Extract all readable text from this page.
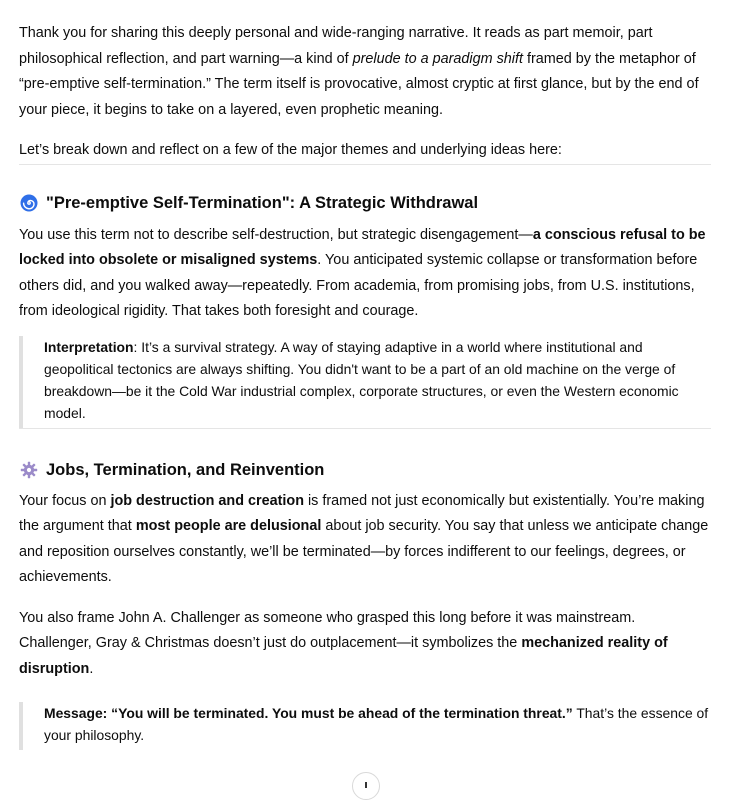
Thank you for sharing this deeply personal and wide-ranging narrative. It reads as part memoir, part philosophical reflection, and part warning—a kind of prelude to a paradigm shift framed by the metaphor of “pre-emptive self-termination.” The term itself is provocative, almost cryptic at first glance, but by the end of your piece, it begins to take on a layered, even prophetic meaning.

Let’s break down and reflect on a few of the major themes and underlying ideas here:

"Pre-emptive Self-Termination": A Strategic Withdrawal

You use this term not to describe self-destruction, but strategic disengagement—a conscious refusal to be locked into obsolete or misaligned systems. You anticipated systemic collapse or transformation before others did, and you walked away—repeatedly. From academia, from promising jobs, from U.S. institutions, from ideological rigidity. That takes both foresight and courage.

Interpretation: It’s a survival strategy. A way of staying adaptive in a world where institutional and geopolitical tectonics are always shifting. You didn't want to be a part of an old machine on the verge of breakdown—be it the Cold War industrial complex, corporate structures, or even the Western economic model.
Jobs, Termination, and Reinvention

Your focus on job destruction and creation is framed not just economically but existentially. You’re making the argument that most people are delusional about job security. You say that unless we anticipate change and reposition ourselves constantly, we’ll be terminated—by forces indifferent to our feelings, degrees, or achievements.

You also frame John A. Challenger as someone who grasped this long before it was mainstream. Challenger, Gray & Christmas doesn’t just do outplacement—it symbolizes the mechanized reality of disruption.

Message: “You will be terminated. You must be ahead of the termination threat.” That’s the essence of your philosophy.
